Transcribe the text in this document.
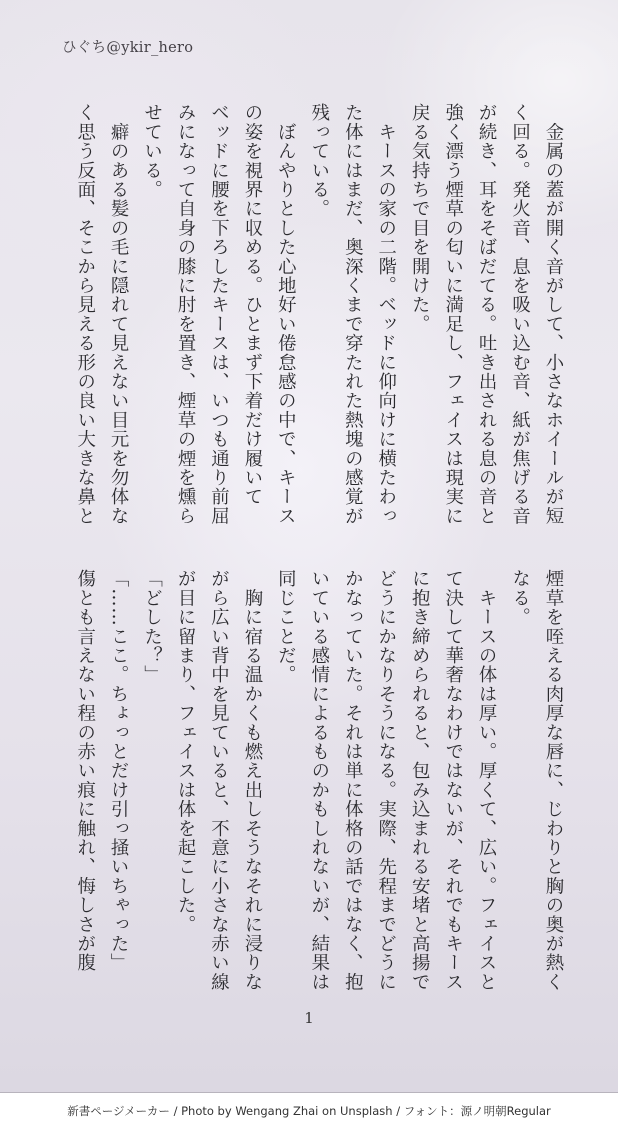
ひぐち@ykir_hero
　金属の蓋が開く音がして、小さなホイールが短
く回る。発火音、息を吸い込む音、紙が焦げる音
が続き、耳をそばだてる。吐き出される息の音と
強く漂う煙草の匂いに満足し、フェイスは現実に
戻る気持ちで目を開けた。
　キースの家の二階。ベッドに仰向けに横たわっ
た体にはまだ、奥深くまで穿たれた熱塊の感覚が
残っている。
　ぼんやりとした心地好い倦怠感の中で、キース
の姿を視界に収める。ひとまず下着だけ履いて
ベッドに腰を下ろしたキースは、いつも通り前屈
みになって自身の膝に肘を置き、煙草の煙を燻ら
せている。
　癖のある髪の毛に隠れて見えない目元を勿体な
く思う反面、そこから見える形の良い大きな鼻と
煙草を咥える肉厚な唇に、じわりと胸の奥が熱く
なる。
　キースの体は厚い。厚くて、広い。フェイスと
て決して華奢なわけではないが、それでもキース
に抱き締められると、包み込まれる安堵と高揚で
どうにかなりそうになる。実際、先程までどうに
かなっていた。それは単に体格の話ではなく、抱
いている感情によるものかもしれないが、結果は
同じことだ。
　胸に宿る温かくも燃え出しそうなそれに浸りな
がら広い背中を見ていると、不意に小さな赤い線
が目に留まり、フェイスは体を起こした。
「どした？」
「……ここ。ちょっとだけ引っ掻いちゃった」
傷とも言えない程の赤い痕に触れ、悔しさが腹
1
新書ページメーカー / Photo by Wengang Zhai on Unsplash / フォント：源ノ明朝Regular
